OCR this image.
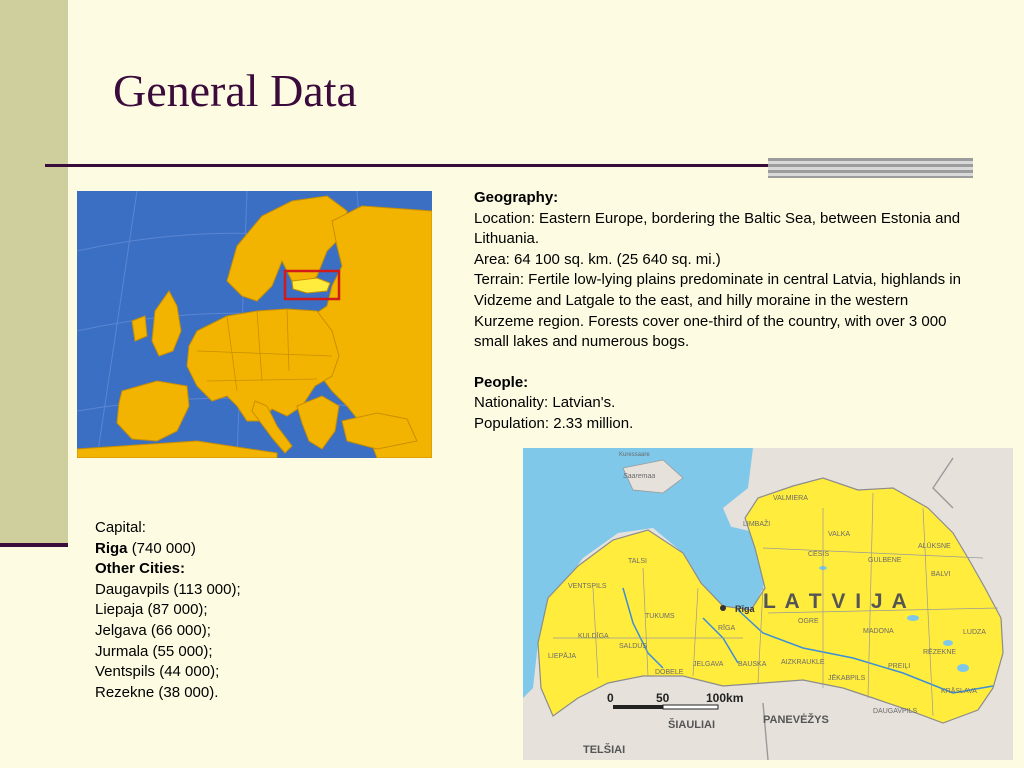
General Data

Geography:

Location: Eastern Europe, bordering the Baltic Sea, between Estonia and Lithuania.

Area: 64 100 sq. km. (25 640 sq. mi.)

Terrain: Fertile low-lying plains predominate in central Latvia, highlands in Vidzeme and Latgale to the east, and hilly moraine in the western Kurzeme region. Forests cover one-third of the country, with over 3 000 small lakes and numerous bogs.

People:

Nationality: Latvian's.

Population: 2.33 million.

Capital:
Riga (740 000)
Other Cities:
Daugavpils (113 000);
Liepaja (87 000);
Jelgava (66 000);
Jurmala (55 000);
Ventspils (44 000);
Rezekne (38 000).
VALMIERA
LIMBAŽI
VALKA
ALŪKSNE
CĒSIS
GULBENE
BALVI
TALSI
VENTSPILS
TUKUMS
OGRE
MADONA
RĒZEKNE
LUDZA
KULDĪGA
SALDUS
DOBELE
JELGAVA BAUSKA AIZKRAUKLE
JĒKABPILS
PREIĻI
KRĀSLAVA
DAUGAVPILS
LIEPĀJA
RĪGA
Saaremaa
Kuressaare
L A T V I J A
Rīga
0	50	100km
ŠIAULIAI	PANEVĖŽYS
TELŠIAI
